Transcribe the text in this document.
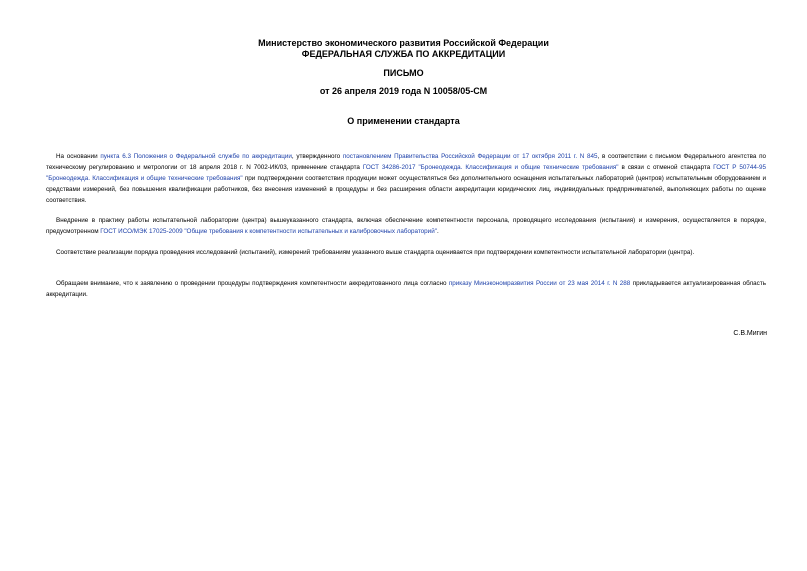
Министерство экономического развития Российской Федерации
ФЕДЕРАЛЬНАЯ СЛУЖБА ПО АККРЕДИТАЦИИ
ПИСЬМО
от 26 апреля 2019 года N 10058/05-СМ
О применении стандарта

На основании пункта 6.3 Положения о Федеральной службе по аккредитации, утвержденного постановлением Правительства Российской Федерации от 17 октября 2011 г. N 845, в соответствии с письмом Федерального агентства по техническому регулированию и метрологии от 18 апреля 2018 г. N 7002-ИК/03, применение стандарта ГОСТ 34286-2017 "Бронеодежда. Классификация и общие технические требования" в связи с отменой стандарта ГОСТ Р 50744-95 "Бронеодежда. Классификация и общие технические требования" при подтверждении соответствия продукции может осуществляться без дополнительного оснащения испытательных лабораторий (центров) испытательным оборудованием и средствами измерений, без повышения квалификации работников, без внесения изменений в процедуры и без расширения области аккредитации юридических лиц, индивидуальных предпринимателей, выполняющих работы по оценке соответствия.

Внедрение в практику работы испытательной лаборатории (центра) вышеуказанного стандарта, включая обеспечение компетентности персонала, проводящего исследования (испытания) и измерения, осуществляется в порядке, предусмотренном ГОСТ ИСО/МЭК 17025-2009 "Общие требования к компетентности испытательных и калибровочных лабораторий".

Соответствие реализации порядка проведения исследований (испытаний), измерений требованиям указанного выше стандарта оценивается при подтверждении компетентности испытательной лаборатории (центра).

Обращаем внимание, что к заявлению о проведении процедуры подтверждения компетентности аккредитованного лица согласно приказу Минэкономразвития России от 23 мая 2014 г. N 288 прикладывается актуализированная область аккредитации.

С.В.Мигин
